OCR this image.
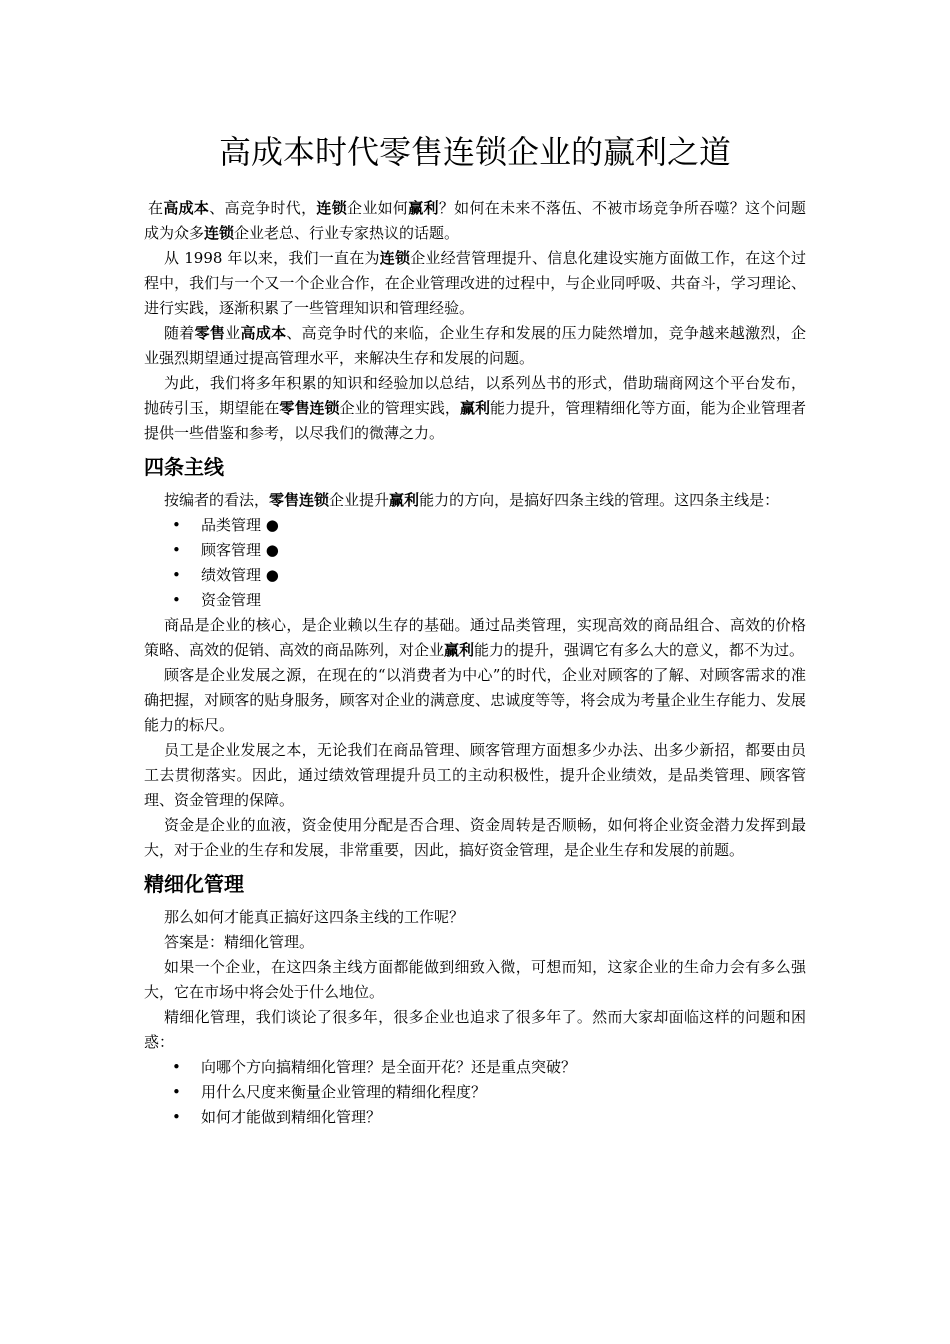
高成本时代零售连锁企业的赢利之道

在高成本、高竞争时代，连锁企业如何赢利？如何在未来不落伍、不被市场竞争所吞噬？这个问题成为众多连锁企业老总、行业专家热议的话题。

从 1998 年以来，我们一直在为连锁企业经营管理提升、信息化建设实施方面做工作，在这个过程中，我们与一个又一个企业合作，在企业管理改进的过程中，与企业同呼吸、共奋斗，学习理论、进行实践，逐渐积累了一些管理知识和管理经验。

随着零售业高成本、高竞争时代的来临，企业生存和发展的压力陡然增加，竞争越来越激烈，企业强烈期望通过提高管理水平，来解决生存和发展的问题。

为此，我们将多年积累的知识和经验加以总结，以系列丛书的形式，借助瑞商网这个平台发布，抛砖引玉，期望能在零售连锁企业的管理实践，赢利能力提升，管理精细化等方面，能为企业管理者提供一些借鉴和参考，以尽我们的微薄之力。

四条主线

按编者的看法，零售连锁企业提升赢利能力的方向，是搞好四条主线的管理。这四条主线是：

• 品类管理 ●
• 顾客管理 ●
• 绩效管理 ●
• 资金管理

商品是企业的核心，是企业赖以生存的基础。通过品类管理，实现高效的商品组合、高效的价格策略、高效的促销、高效的商品陈列，对企业赢利能力的提升，强调它有多么大的意义，都不为过。

顾客是企业发展之源，在现在的“以消费者为中心”的时代，企业对顾客的了解、对顾客需求的准确把握，对顾客的贴身服务，顾客对企业的满意度、忠诚度等等，将会成为考量企业生存能力、发展能力的标尺。

员工是企业发展之本，无论我们在商品管理、顾客管理方面想多少办法、出多少新招，都要由员工去贯彻落实。因此，通过绩效管理提升员工的主动积极性，提升企业绩效，是品类管理、顾客管理、资金管理的保障。

资金是企业的血液，资金使用分配是否合理、资金周转是否顺畅，如何将企业资金潜力发挥到最大，对于企业的生存和发展，非常重要，因此，搞好资金管理，是企业生存和发展的前题。

精细化管理

那么如何才能真正搞好这四条主线的工作呢？

答案是：精细化管理。

如果一个企业，在这四条主线方面都能做到细致入微，可想而知，这家企业的生命力会有多么强大，它在市场中将会处于什么地位。

精细化管理，我们谈论了很多年，很多企业也追求了很多年了。然而大家却面临这样的问题和困惑：

• 向哪个方向搞精细化管理？是全面开花？还是重点突破？
• 用什么尺度来衡量企业管理的精细化程度？
• 如何才能做到精细化管理？
